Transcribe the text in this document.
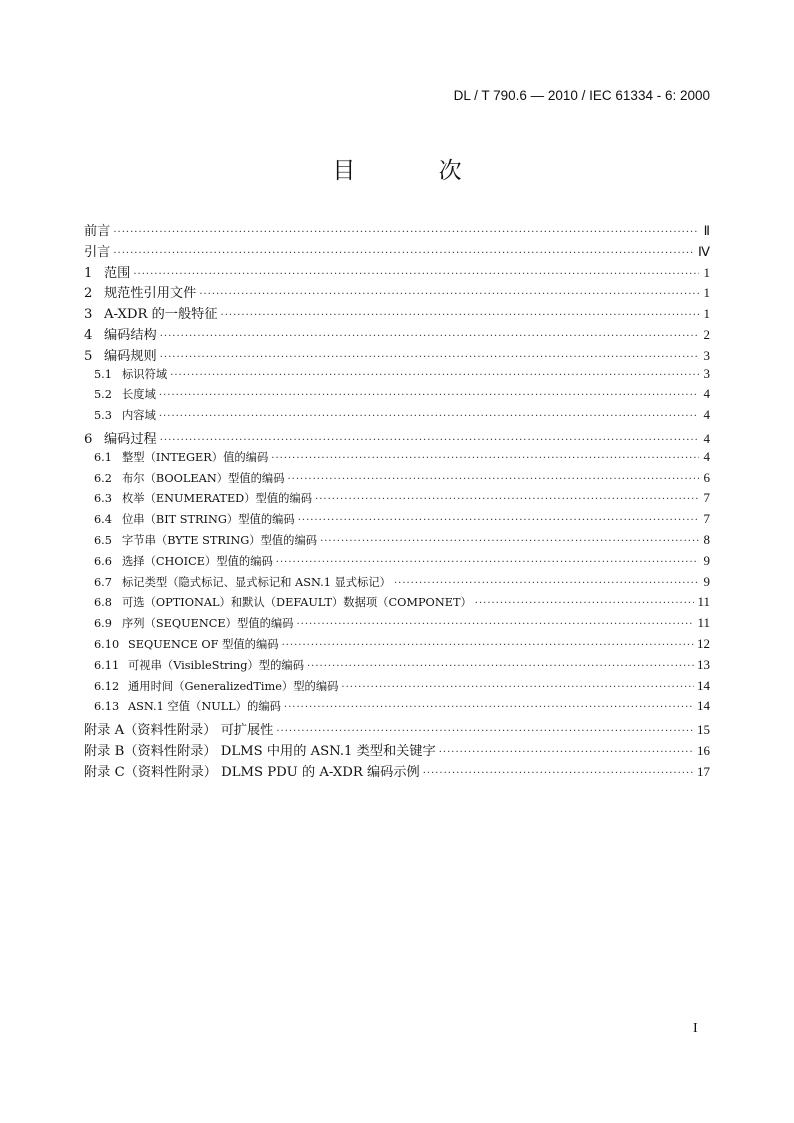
DL / T 790.6 — 2010 / IEC 61334 - 6: 2000
目 次
前言 ·····	Ⅱ
引言 ·····	Ⅳ
1 范围 ·····	1
2 规范性引用文件 ·····	1
3 A-XDR 的一般特征 ·····	1
4 编码结构 ·····	2
5 编码规则 ·····	3
5.1 标识符域 ·····	3
5.2 长度域 ·····	4
5.3 内容域 ·····	4
6 编码过程 ·····	4
6.1 整型（INTEGER）值的编码 ·····	4
6.2 布尔（BOOLEAN）型值的编码 ·····	6
6.3 枚举（ENUMERATED）型值的编码 ·····	7
6.4 位串（BIT STRING）型值的编码 ·····	7
6.5 字节串（BYTE STRING）型值的编码 ·····	8
6.6 选择（CHOICE）型值的编码 ·····	9
6.7 标记类型（隐式标记、显式标记和 ASN.1 显式标记） ·····	9
6.8 可选（OPTIONAL）和默认（DEFAULT）数据项（COMPONET） ·····	11
6.9 序列（SEQUENCE）型值的编码 ·····	11
6.10 SEQUENCE OF 型值的编码 ·····	12
6.11 可视串（VisibleString）型的编码 ·····	13
6.12 通用时间（GeneralizedTime）型的编码 ·····	14
6.13 ASN.1 空值（NULL）的编码 ·····	14
附录 A（资料性附录） 可扩展性 ·····	15
附录 B（资料性附录） DLMS 中用的 ASN.1 类型和关键字 ·····	16
附录 C（资料性附录） DLMS PDU 的 A-XDR 编码示例 ·····	17
I
